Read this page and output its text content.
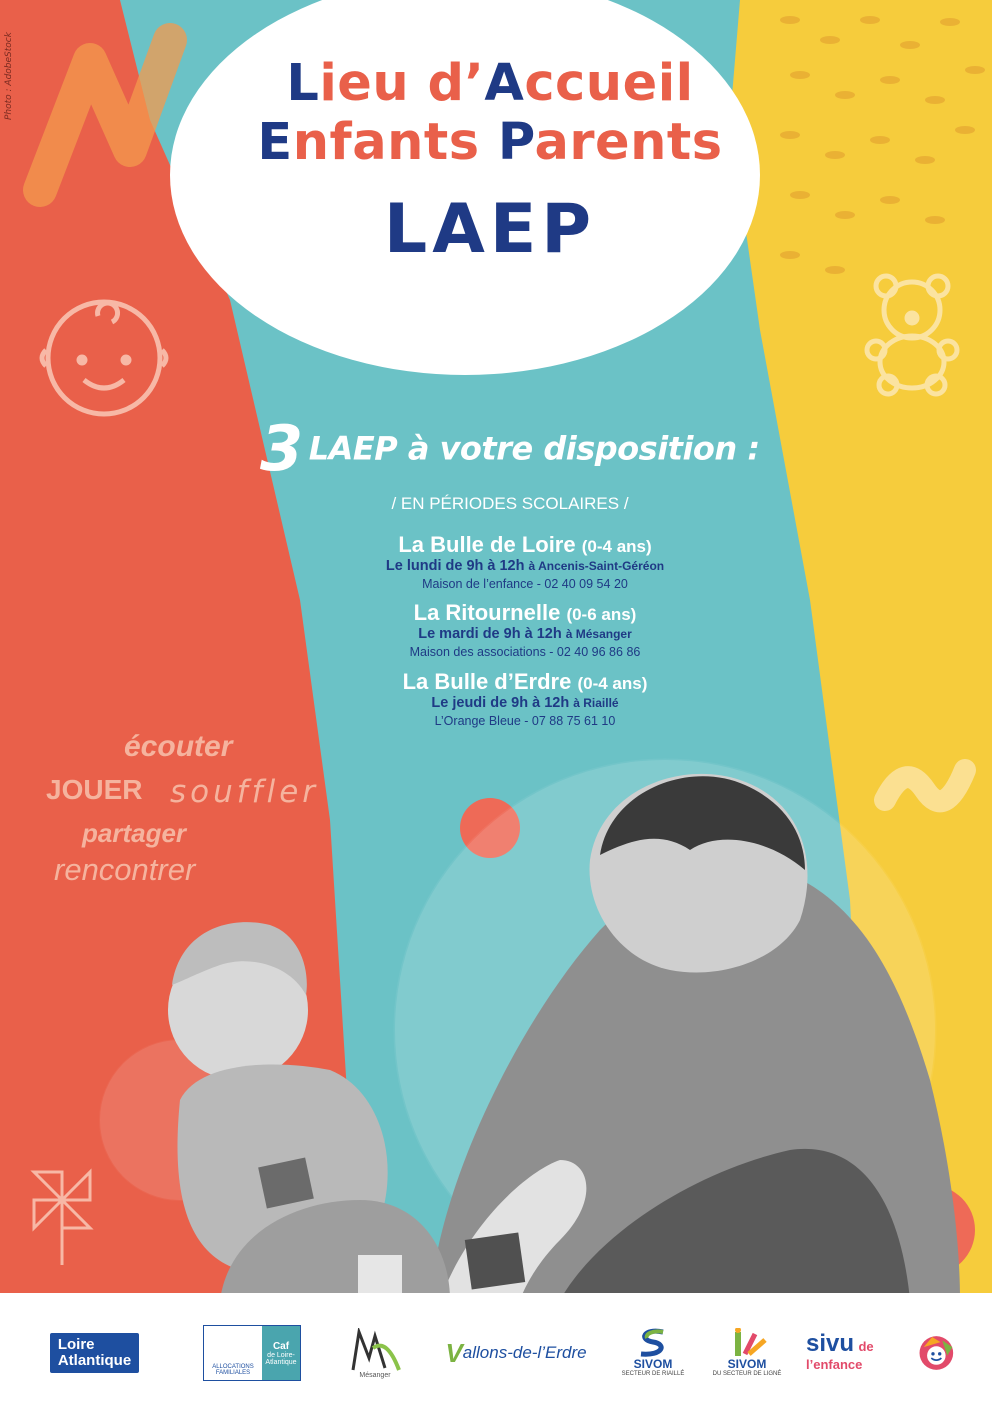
Photo : AdobeStock	Lieu d’Accueil
Enfants Parents
LAEP
3 LAEP à votre disposition :
/ EN PÉRIODES SCOLAIRES /
La Bulle de Loire (0-4 ans)
Le lundi de 9h à 12h à Ancenis-Saint-Géréon
Maison de l’enfance - 02 40 09 54 20
La Ritournelle (0-6 ans)
Le mardi de 9h à 12h à Mésanger
Maison des associations - 02 40 96 86 86
La Bulle d’Erdre (0-4 ans)
Le jeudi de 9h à 12h à Riaillé
L’Orange Bleue - 07 88 75 61 10
écouter
JOUER souffler
partager
rencontrer
Loire
Atlantique	ALLOCATIONS FAMILIALES
Caf
de Loire-Atlantique
Mésanger
V allons-de-l’Erdre
SIVOM
SECTEUR DE RIAILLÉ
SIVOM
DU SECTEUR DE LIGNÉ
sivu de l’enfance
